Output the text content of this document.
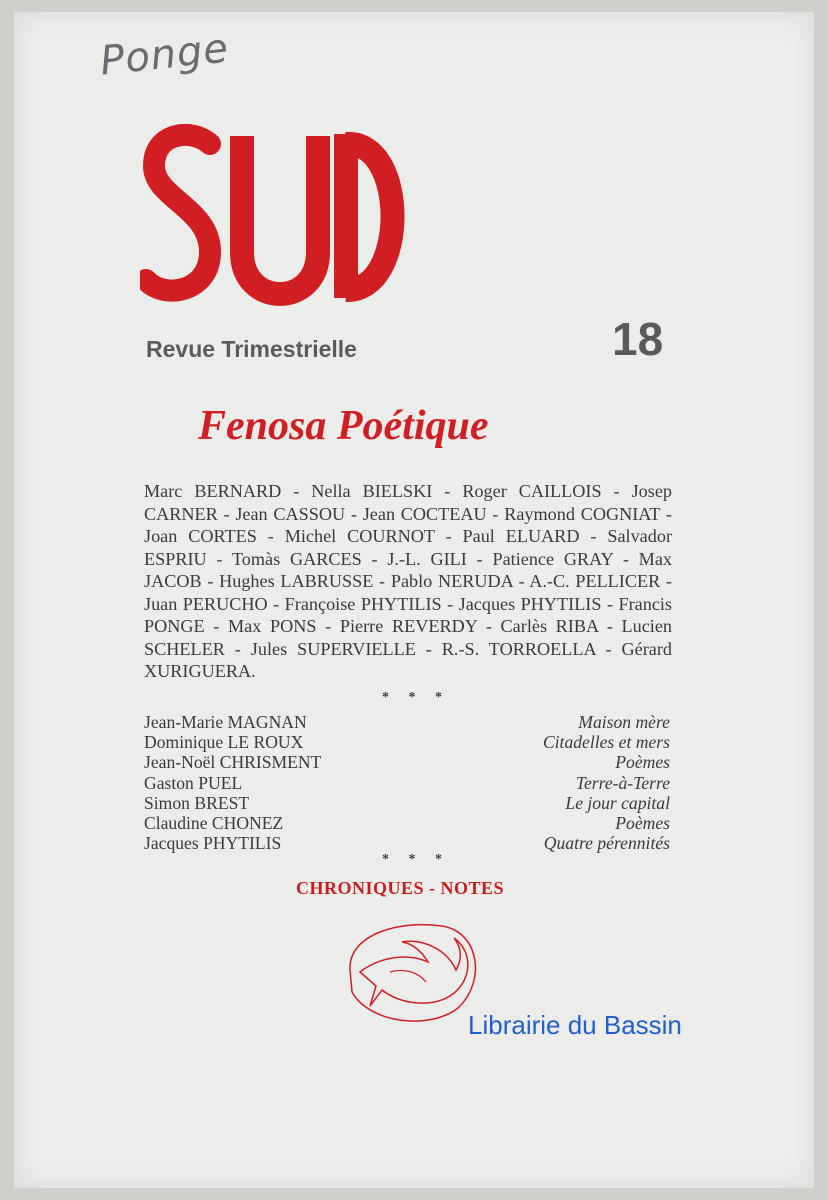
Ponge
Revue Trimestrielle	18
Fenosa Poétique
Marc BERNARD - Nella BIELSKI - Roger CAILLOIS - Josep CARNER - Jean CASSOU - Jean COCTEAU - Raymond COGNIAT - Joan CORTES - Michel COURNOT - Paul ELUARD - Salvador ESPRIU - Tomàs GARCES - J.-L. GILI - Patience GRAY - Max JACOB - Hughes LABRUSSE - Pablo NERUDA - A.-C. PELLICER - Juan PERUCHO - Françoise PHYTILIS - Jacques PHYTILIS - Francis PONGE - Max PONS - Pierre REVERDY - Carlès RIBA - Lucien SCHELER - Jules SUPERVIELLE - R.-S. TORROELLA - Gérard XURIGUERA.
* * *
Jean-Marie MAGNAN	Maison mère
Dominique LE ROUX	Citadelles et mers
Jean-Noël CHRISMENT	Poèmes
Gaston PUEL	Terre-à-Terre
Simon BREST	Le jour capital
Claudine CHONEZ	Poèmes
Jacques PHYTILIS	Quatre pérennités
* * *
CHRONIQUES - NOTES
Librairie du Bassin
